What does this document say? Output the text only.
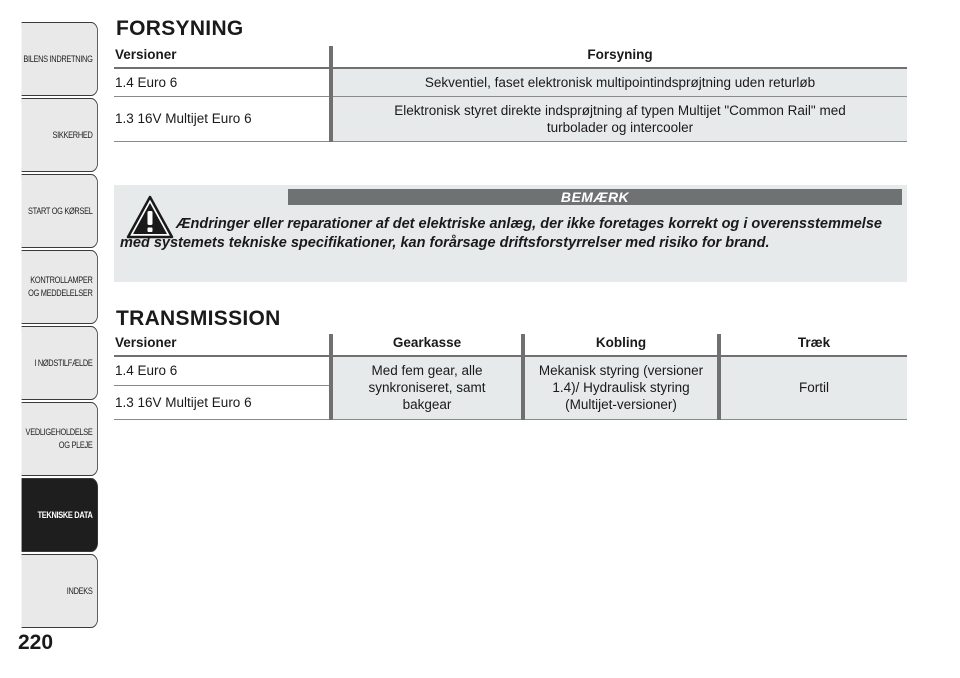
BILENS INDRETNING
SIKKERHED
START OG KØRSEL
KONTROLLAMPER OG MEDDELELSER
I NØDSTILFÆLDE
VEDLIGEHOLDELSE OG PLEJE
TEKNISKE DATA
INDEKS
220
FORSYNING
Versioner	Forsyning
1.4 Euro 6	Sekventiel, faset elektronisk multipointindsprøjtning uden returløb
1.3 16V Multijet Euro 6	Elektronisk styret direkte indsprøjtning af typen Multijet "Common Rail" med turbolader og intercooler
BEMÆRK
Ændringer eller reparationer af det elektriske anlæg, der ikke foretages korrekt og i overensstemmelse med systemets tekniske specifikationer, kan forårsage driftsforstyrrelser med risiko for brand.
TRANSMISSION
Versioner	Gearkasse	Kobling	Træk
1.4 Euro 6	Med fem gear, alle synkroniseret, samt bakgear	Mekanisk styring (versioner 1.4)/ Hydraulisk styring (Multijet-versioner)	Fortil
1.3 16V Multijet Euro 6			
